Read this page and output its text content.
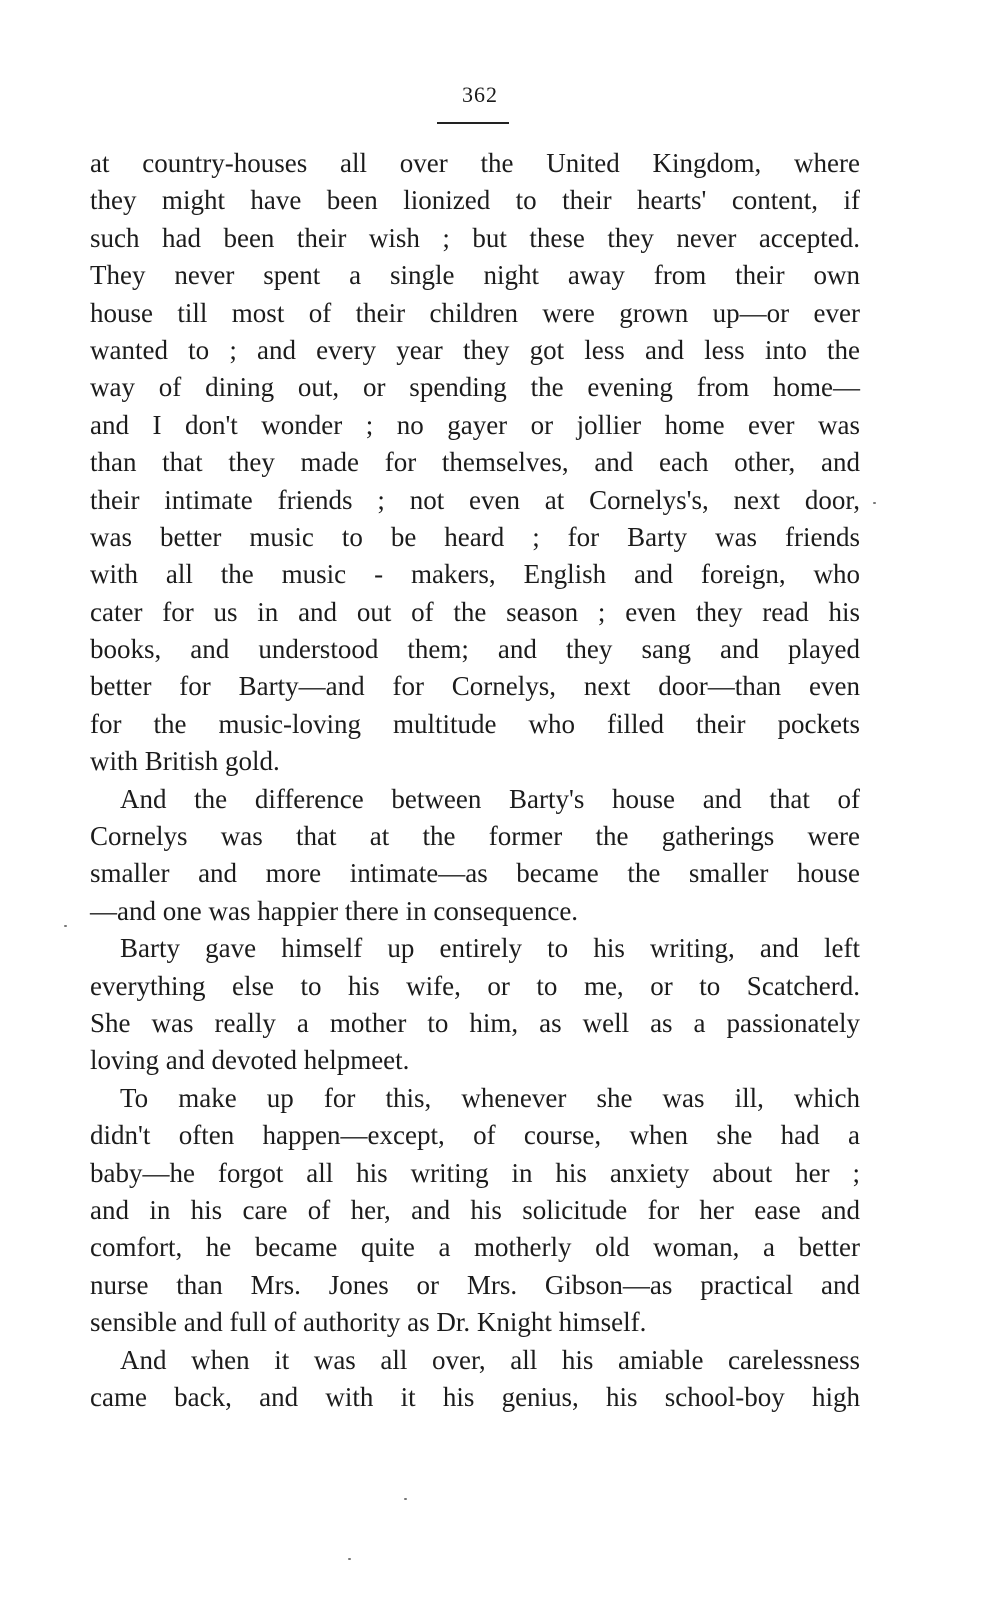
362
at country-houses all over the United Kingdom, where
they might have been lionized to their hearts' content, if
such had been their wish ; but these they never accepted.
They never spent a single night away from their own
house till most of their children were grown up—or ever
wanted to ; and every year they got less and less into the
way of dining out, or spending the evening from home—
and I don't wonder ; no gayer or jollier home ever was
than that they made for themselves, and each other, and
their intimate friends ; not even at Cornelys's, next door,
was better music to be heard ; for Barty was friends
with all the music - makers, English and foreign, who
cater for us in and out of the season ; even they read his
books, and understood them; and they sang and played
better for Barty—and for Cornelys, next door—than even
for the music-loving multitude who filled their pockets
with British gold.
And the difference between Barty's house and that of
Cornelys was that at the former the gatherings were
smaller and more intimate—as became the smaller house
—and one was happier there in consequence.
Barty gave himself up entirely to his writing, and left
everything else to his wife, or to me, or to Scatcherd.
She was really a mother to him, as well as a passionately
loving and devoted helpmeet.
To make up for this, whenever she was ill, which
didn't often happen—except, of course, when she had a
baby—he forgot all his writing in his anxiety about her ;
and in his care of her, and his solicitude for her ease and
comfort, he became quite a motherly old woman, a better
nurse than Mrs. Jones or Mrs. Gibson—as practical and
sensible and full of authority as Dr. Knight himself.
And when it was all over, all his amiable carelessness
came back, and with it his genius, his school-boy high
